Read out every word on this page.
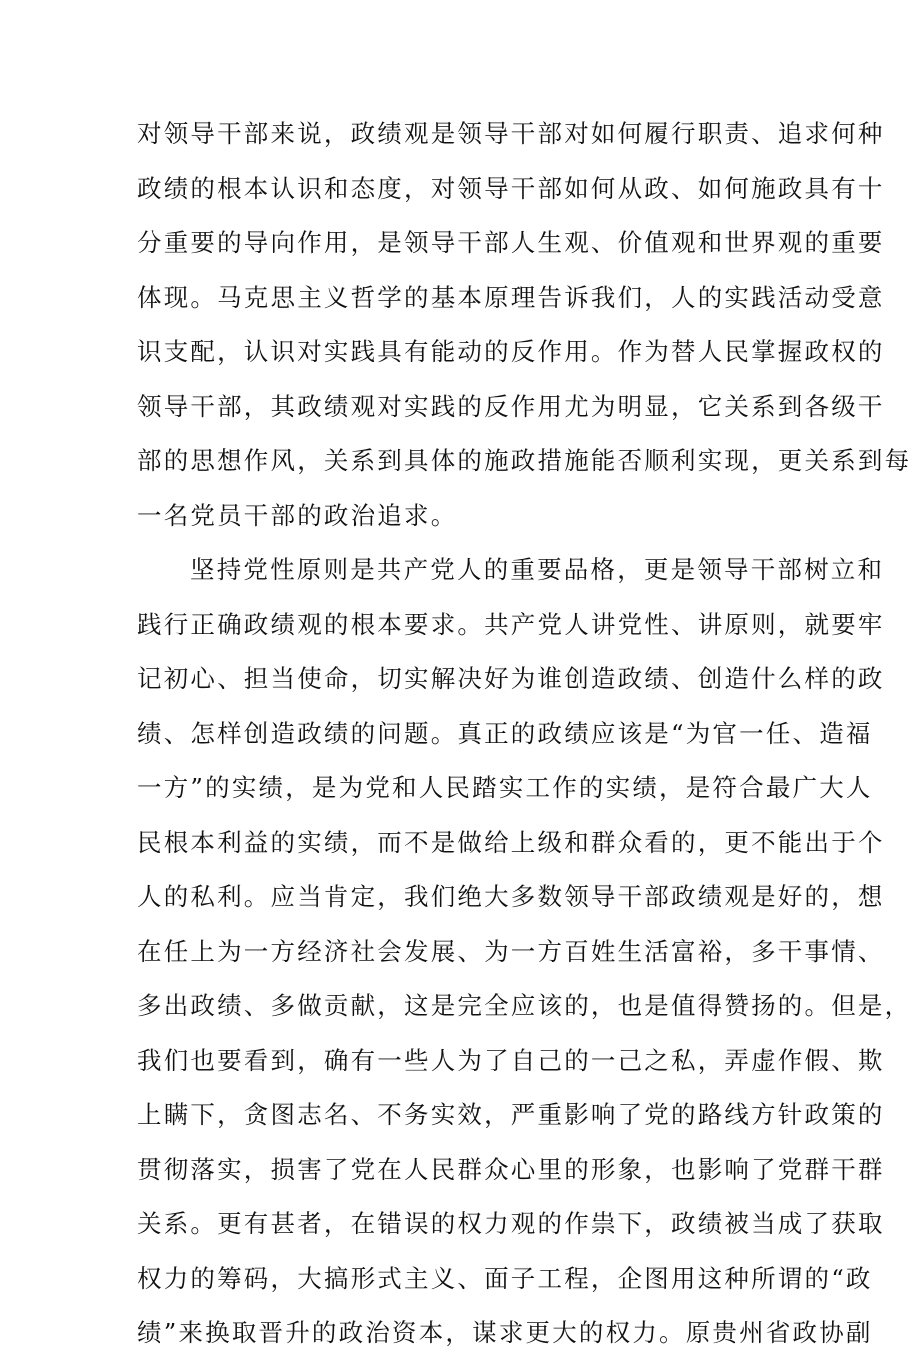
对领导干部来说，政绩观是领导干部对如何履行职责、追求何种
政绩的根本认识和态度，对领导干部如何从政、如何施政具有十
分重要的导向作用，是领导干部人生观、价值观和世界观的重要
体现。马克思主义哲学的基本原理告诉我们，人的实践活动受意
识支配，认识对实践具有能动的反作用。作为替人民掌握政权的
领导干部，其政绩观对实践的反作用尤为明显，它关系到各级干
部的思想作风，关系到具体的施政措施能否顺利实现，更关系到每
一名党员干部的政治追求。
坚持党性原则是共产党人的重要品格，更是领导干部树立和
践行正确政绩观的根本要求。共产党人讲党性、讲原则，就要牢
记初心、担当使命，切实解决好为谁创造政绩、创造什么样的政
绩、怎样创造政绩的问题。真正的政绩应该是“为官一任、造福
一方”的实绩，是为党和人民踏实工作的实绩，是符合最广大人
民根本利益的实绩，而不是做给上级和群众看的，更不能出于个
人的私利。应当肯定，我们绝大多数领导干部政绩观是好的，想
在任上为一方经济社会发展、为一方百姓生活富裕，多干事情、
多出政绩、多做贡献，这是完全应该的，也是值得赞扬的。但是，
我们也要看到，确有一些人为了自己的一己之私，弄虚作假、欺
上瞒下，贪图志名、不务实效，严重影响了党的路线方针政策的
贯彻落实，损害了党在人民群众心里的形象，也影响了党群干群
关系。更有甚者，在错误的权力观的作祟下，政绩被当成了获取
权力的筹码，大搞形式主义、面子工程，企图用这种所谓的“政
绩”来换取晋升的政治资本，谋求更大的权力。原贵州省政协副
